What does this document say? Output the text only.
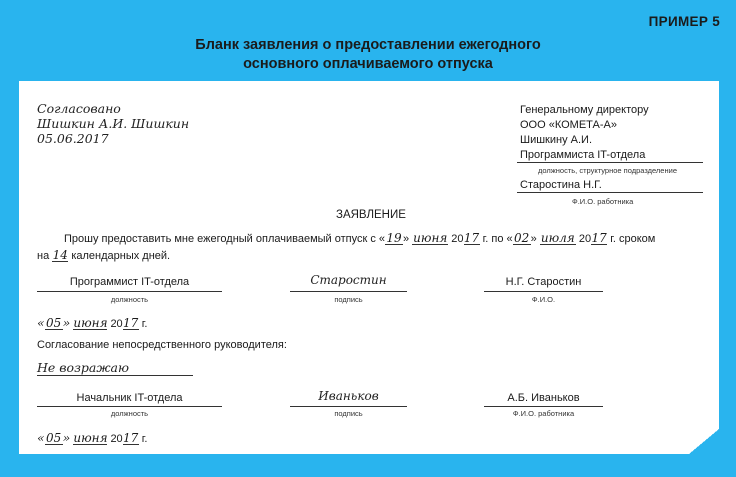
ПРИМЕР 5
Бланк заявления о предоставлении ежегодного
основного оплачиваемого отпуска
Согласовано
Шишкин А.И. Шишкин
05.06.2017
Генеральному директору
ООО «КОМЕТА-А»
Шишкину А.И.
Программиста IT-отдела
должность, структурное подразделение
Старостина Н.Г.
Ф.И.О. работника
ЗАЯВЛЕНИЕ
Прошу предоставить мне ежегодный оплачиваемый отпуск с «19» июня 2017 г. по «02» июля 2017 г. сроком
на 14 календарных дней.
Программист IT-отдела
должность
Старостин
подпись
Н.Г. Старостин
Ф.И.О.
«05» июня 2017 г.
Согласование непосредственного руководителя:
Не возражаю
Начальник IT-отдела
должность
Иваньков
подпись
А.Б. Иваньков
Ф.И.О. работника
«05» июня 2017 г.
